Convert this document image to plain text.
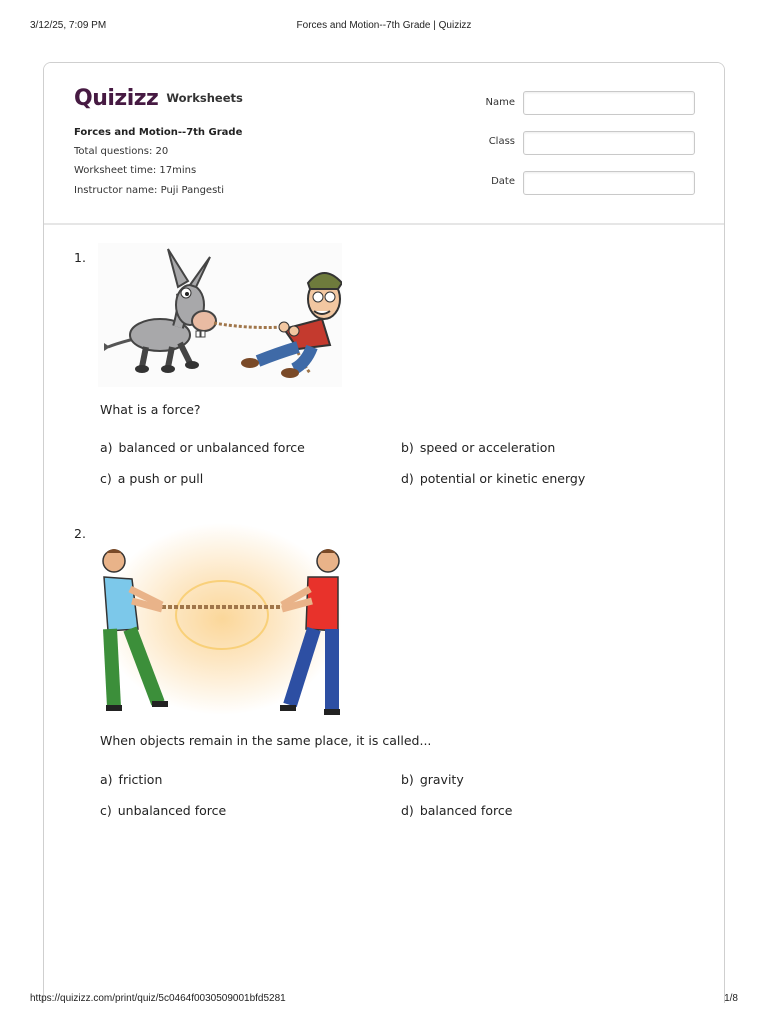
Forces and Motion--7th Grade | Quizizz
3/12/25, 7:09 PM
Quizizz Worksheets
Forces and Motion--7th Grade
Total questions: 20
Worksheet time: 17mins
Instructor name: Puji Pangesti
Name
Class
Date
1.
What is a force?
a) balanced or unbalanced force	b) speed or acceleration
c) a push or pull	d) potential or kinetic energy
2.
When objects remain in the same place, it is called...
a) friction	b) gravity
c) unbalanced force	d) balanced force
https://quizizz.com/print/quiz/5c0464f0030509001bfd5281	1/8
